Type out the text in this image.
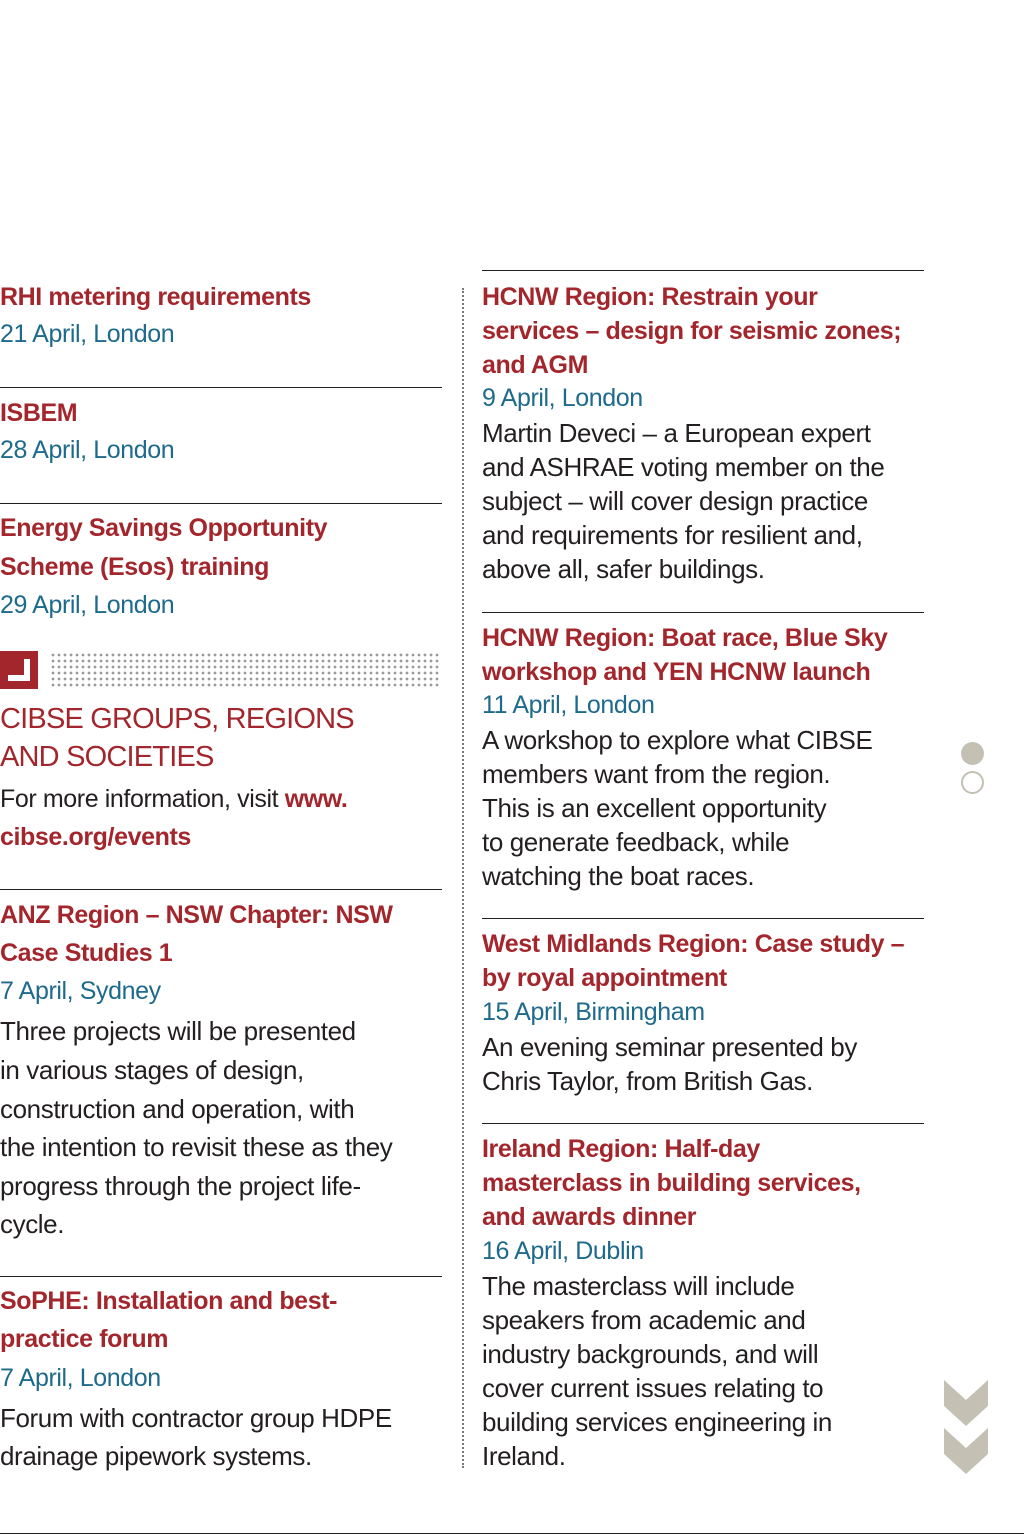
RHI metering requirements
21 April, London
ISBEM
28 April, London
Energy Savings Opportunity
Scheme (Esos) training
29 April, London
CIBSE GROUPS, REGIONS
AND SOCIETIES
For more information, visit www.
cibse.org/events
ANZ Region – NSW Chapter: NSW
Case Studies 1
7 April, Sydney
Three projects will be presented
in various stages of design,
construction and operation, with
the intention to revisit these as they
progress through the project life-
cycle.
SoPHE: Installation and best-
practice forum
7 April, London
Forum with contractor group HDPE
drainage pipework systems.
HCNW Region: Restrain your
services – design for seismic zones;
and AGM
9 April, London
Martin Deveci – a European expert
and ASHRAE voting member on the
subject – will cover design practice
and requirements for resilient and,
above all, safer buildings.
HCNW Region: Boat race, Blue Sky
workshop and YEN HCNW launch
11 April, London
A workshop to explore what CIBSE
members want from the region.
This is an excellent opportunity
to generate feedback, while
watching the boat races.
West Midlands Region: Case study –
by royal appointment
15 April, Birmingham
An evening seminar presented by
Chris Taylor, from British Gas.
Ireland Region: Half-day
masterclass in building services,
and awards dinner
16 April, Dublin
The masterclass will include
speakers from academic and
industry backgrounds, and will
cover current issues relating to
building services engineering in
Ireland.
